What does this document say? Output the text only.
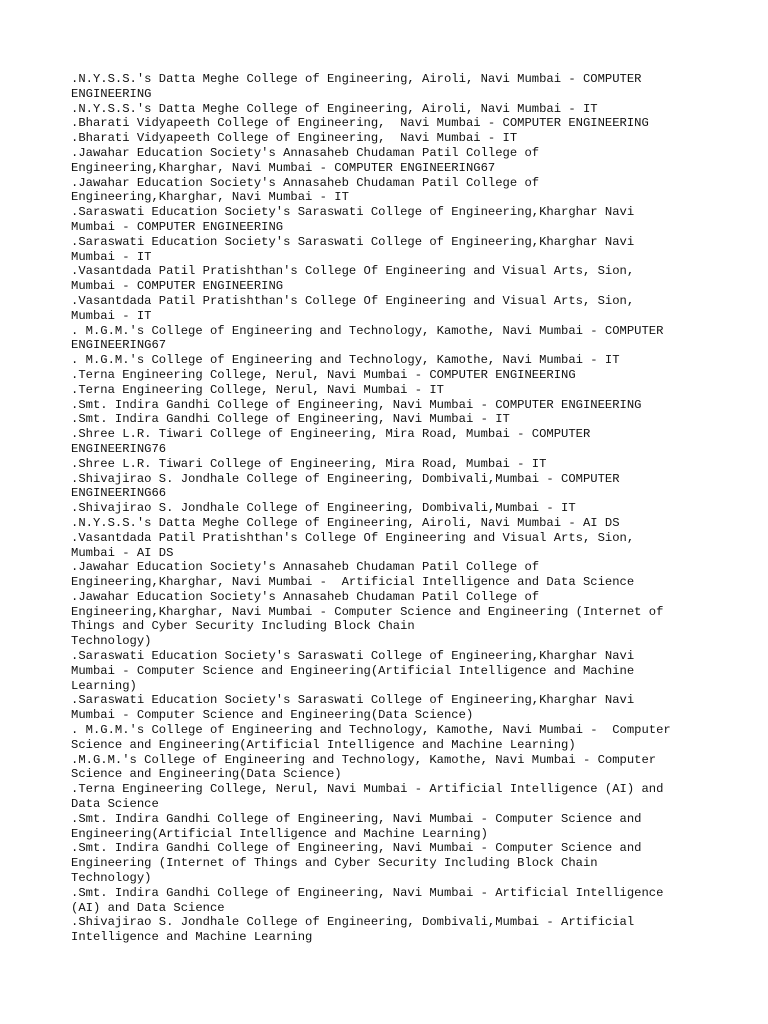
.N.Y.S.S.'s Datta Meghe College of Engineering, Airoli, Navi Mumbai - COMPUTER
ENGINEERING
.N.Y.S.S.'s Datta Meghe College of Engineering, Airoli, Navi Mumbai - IT
.Bharati Vidyapeeth College of Engineering,  Navi Mumbai - COMPUTER ENGINEERING
.Bharati Vidyapeeth College of Engineering,  Navi Mumbai - IT
.Jawahar Education Society's Annasaheb Chudaman Patil College of
Engineering,Kharghar, Navi Mumbai - COMPUTER ENGINEERING67
.Jawahar Education Society's Annasaheb Chudaman Patil College of
Engineering,Kharghar, Navi Mumbai - IT
.Saraswati Education Society's Saraswati College of Engineering,Kharghar Navi
Mumbai - COMPUTER ENGINEERING
.Saraswati Education Society's Saraswati College of Engineering,Kharghar Navi
Mumbai - IT
.Vasantdada Patil Pratishthan's College Of Engineering and Visual Arts, Sion,
Mumbai - COMPUTER ENGINEERING
.Vasantdada Patil Pratishthan's College Of Engineering and Visual Arts, Sion,
Mumbai - IT
. M.G.M.'s College of Engineering and Technology, Kamothe, Navi Mumbai - COMPUTER
ENGINEERING67
. M.G.M.'s College of Engineering and Technology, Kamothe, Navi Mumbai - IT
.Terna Engineering College, Nerul, Navi Mumbai - COMPUTER ENGINEERING
.Terna Engineering College, Nerul, Navi Mumbai - IT
.Smt. Indira Gandhi College of Engineering, Navi Mumbai - COMPUTER ENGINEERING
.Smt. Indira Gandhi College of Engineering, Navi Mumbai - IT
.Shree L.R. Tiwari College of Engineering, Mira Road, Mumbai - COMPUTER
ENGINEERING76
.Shree L.R. Tiwari College of Engineering, Mira Road, Mumbai - IT
.Shivajirao S. Jondhale College of Engineering, Dombivali,Mumbai - COMPUTER
ENGINEERING66
.Shivajirao S. Jondhale College of Engineering, Dombivali,Mumbai - IT
.N.Y.S.S.'s Datta Meghe College of Engineering, Airoli, Navi Mumbai - AI DS
.Vasantdada Patil Pratishthan's College Of Engineering and Visual Arts, Sion,
Mumbai - AI DS
.Jawahar Education Society's Annasaheb Chudaman Patil College of
Engineering,Kharghar, Navi Mumbai -  Artificial Intelligence and Data Science
.Jawahar Education Society's Annasaheb Chudaman Patil College of
Engineering,Kharghar, Navi Mumbai - Computer Science and Engineering (Internet of
Things and Cyber Security Including Block Chain
Technology)
.Saraswati Education Society's Saraswati College of Engineering,Kharghar Navi
Mumbai - Computer Science and Engineering(Artificial Intelligence and Machine
Learning)
.Saraswati Education Society's Saraswati College of Engineering,Kharghar Navi
Mumbai - Computer Science and Engineering(Data Science)
. M.G.M.'s College of Engineering and Technology, Kamothe, Navi Mumbai -  Computer
Science and Engineering(Artificial Intelligence and Machine Learning)
.M.G.M.'s College of Engineering and Technology, Kamothe, Navi Mumbai - Computer
Science and Engineering(Data Science)
.Terna Engineering College, Nerul, Navi Mumbai - Artificial Intelligence (AI) and
Data Science
.Smt. Indira Gandhi College of Engineering, Navi Mumbai - Computer Science and
Engineering(Artificial Intelligence and Machine Learning)
.Smt. Indira Gandhi College of Engineering, Navi Mumbai - Computer Science and
Engineering (Internet of Things and Cyber Security Including Block Chain
Technology)
.Smt. Indira Gandhi College of Engineering, Navi Mumbai - Artificial Intelligence
(AI) and Data Science
.Shivajirao S. Jondhale College of Engineering, Dombivali,Mumbai - Artificial
Intelligence and Machine Learning
